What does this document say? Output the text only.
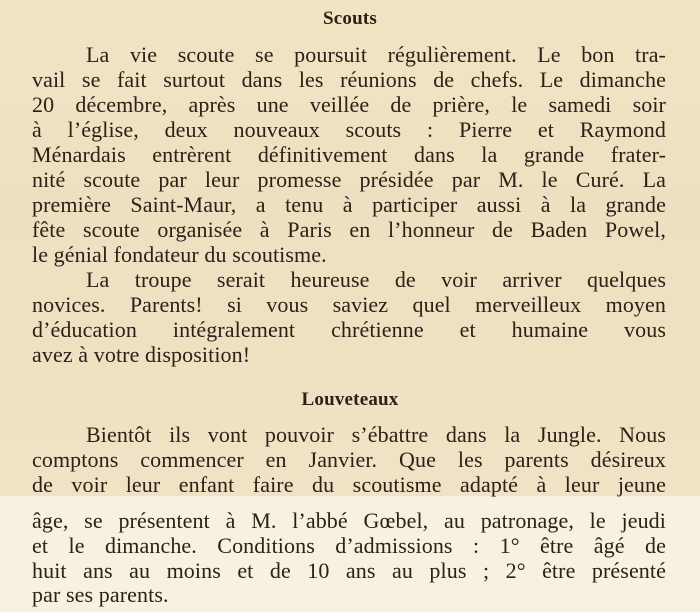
Scouts
La vie scoute se poursuit régulièrement. Le bon tra-
vail se fait surtout dans les réunions de chefs. Le dimanche
20 décembre, après une veillée de prière, le samedi soir
à l’église, deux nouveaux scouts : Pierre et Raymond
Ménardais entrèrent définitivement dans la grande frater-
nité scoute par leur promesse présidée par M. le Curé. La
première Saint-Maur, a tenu à participer aussi à la grande
fête scoute organisée à Paris en l’honneur de Baden Powel,
le génial fondateur du scoutisme.
La troupe serait heureuse de voir arriver quelques
novices. Parents! si vous saviez quel merveilleux moyen
d’éducation intégralement chrétienne et humaine vous
avez à votre disposition!
Louveteaux
Bientôt ils vont pouvoir s’ébattre dans la Jungle. Nous
comptons commencer en Janvier. Que les parents désireux
de voir leur enfant faire du scoutisme adapté à leur jeune
âge, se présentent à M. l’abbé Gœbel, au patronage, le jeudi
et le dimanche. Conditions d’admissions : 1° être âgé de
huit ans au moins et de 10 ans au plus ; 2° être présenté
par ses parents.
